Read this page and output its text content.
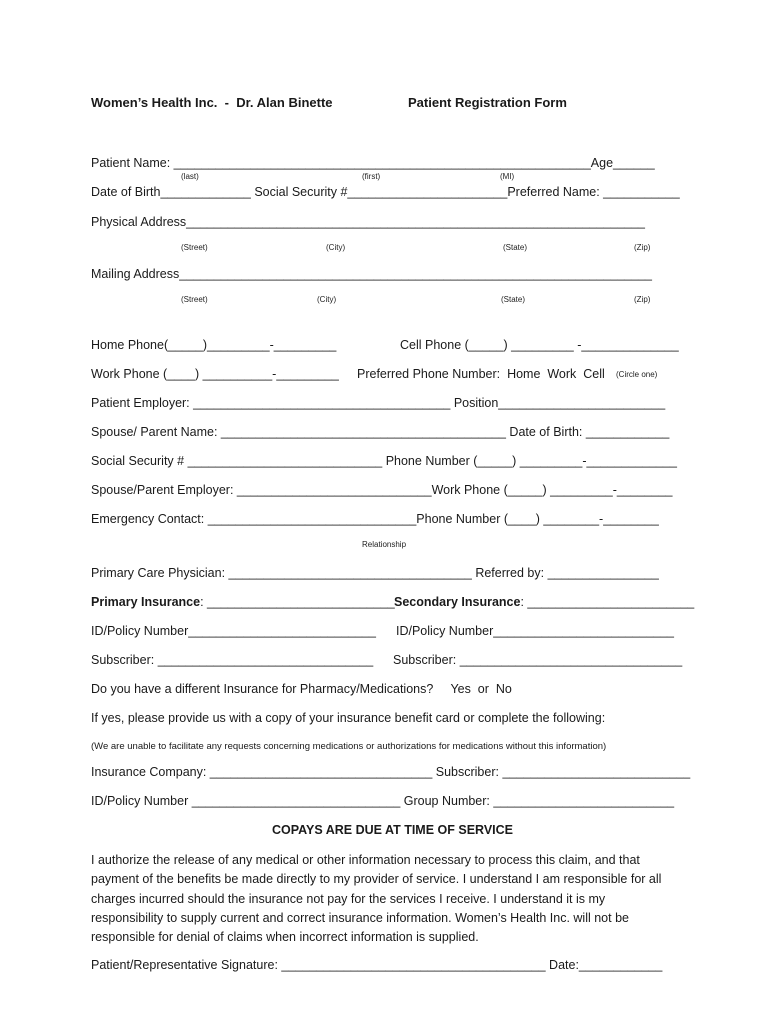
Women’s Health Inc.  -  Dr. Alan Binette	Patient Registration Form
Patient Name: ____________________________________________________________Age______
(last)	(first)	(MI)
Date of Birth_____________ Social Security #_______________________Preferred Name: ___________
Physical Address__________________________________________________________________
(Street)	(City)	(State)	(Zip)
Mailing Address____________________________________________________________________
(Street)	(City)	(State)	(Zip)
Home Phone(_____)_________-_________	Cell Phone (_____) _________ -______________
Work Phone (____) __________-_________ Preferred Phone Number:  Home  Work  Cell (Circle one)
Patient Employer: _____________________________________ Position________________________
Spouse/ Parent Name: _________________________________________ Date of Birth: ____________
Social Security # ____________________________ Phone Number (_____) _________-_____________
Spouse/Parent Employer: ____________________________Work Phone (_____) _________-________
Emergency Contact: ______________________________Phone Number (____) ________-________
Relationship
Primary Care Physician: ___________________________________ Referred by: ________________
Primary Insurance: ___________________________ Secondary Insurance: ________________________
ID/Policy Number___________________________ ID/Policy Number__________________________
Subscriber: _______________________________ Subscriber: ________________________________
Do you have a different Insurance for Pharmacy/Medications?     Yes  or  No
If yes, please provide us with a copy of your insurance benefit card or complete the following:
(We are unable to facilitate any requests concerning medications or authorizations for medications without this information)
Insurance Company: ________________________________ Subscriber: ___________________________
ID/Policy Number ______________________________ Group Number: __________________________
COPAYS ARE DUE AT TIME OF SERVICE
I authorize the release of any medical or other information necessary to process this claim, and that
payment of the benefits be made directly to my provider of service. I understand I am responsible for all
charges incurred should the insurance not pay for the services I receive. I understand it is my
responsibility to supply current and correct insurance information. Women’s Health Inc. will not be
responsible for denial of claims when incorrect information is supplied.
Patient/Representative Signature: ______________________________________ Date:____________
